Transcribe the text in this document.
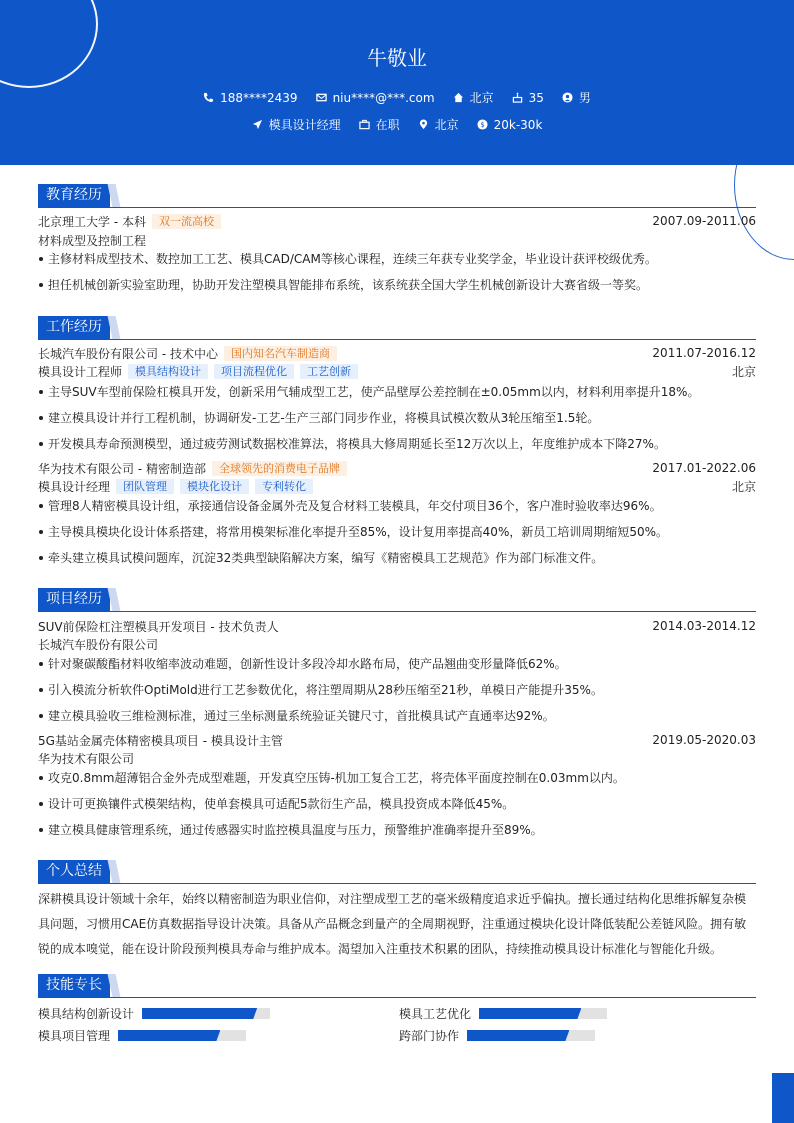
牛敬业
188****2439	niu****@***.com	北京	35	男
模具设计经理	在职	北京	$ 20k-30k
教育经历
北京理工大学 - 本科	双一流高校	2007.09-2011.06
材料成型及控制工程
主修材料成型技术、数控加工工艺、模具CAD/CAM等核心课程，连续三年获专业奖学金，毕业设计获评校级优秀。
担任机械创新实验室助理，协助开发注塑模具智能排布系统，该系统获全国大学生机械创新设计大赛省级一等奖。
工作经历
长城汽车股份有限公司 - 技术中心	国内知名汽车制造商	2011.07-2016.12
模具设计工程师	模具结构设计	项目流程优化	工艺创新	北京
主导SUV车型前保险杠模具开发，创新采用气辅成型工艺，使产品壁厚公差控制在±0.05mm以内，材料利用率提升18%。
建立模具设计并行工程机制，协调研发-工艺-生产三部门同步作业，将模具试模次数从3轮压缩至1.5轮。
开发模具寿命预测模型，通过疲劳测试数据校准算法，将模具大修周期延长至12万次以上，年度维护成本下降27%。
华为技术有限公司 - 精密制造部	全球领先的消费电子品牌	2017.01-2022.06
模具设计经理	团队管理	模块化设计	专利转化	北京
管理8人精密模具设计组，承接通信设备金属外壳及复合材料工装模具，年交付项目36个，客户准时验收率达96%。
主导模具模块化设计体系搭建，将常用模架标准化率提升至85%，设计复用率提高40%，新员工培训周期缩短50%。
牵头建立模具试模问题库，沉淀32类典型缺陷解决方案，编写《精密模具工艺规范》作为部门标准文件。
项目经历
SUV前保险杠注塑模具开发项目 - 技术负责人	2014.03-2014.12
长城汽车股份有限公司
针对聚碳酸酯材料收缩率波动难题，创新性设计多段冷却水路布局，使产品翘曲变形量降低62%。
引入模流分析软件OptiMold进行工艺参数优化，将注塑周期从28秒压缩至21秒，单模日产能提升35%。
建立模具验收三维检测标准，通过三坐标测量系统验证关键尺寸，首批模具试产直通率达92%。
5G基站金属壳体精密模具项目 - 模具设计主管	2019.05-2020.03
华为技术有限公司
攻克0.8mm超薄铝合金外壳成型难题，开发真空压铸-机加工复合工艺，将壳体平面度控制在0.03mm以内。
设计可更换镶件式模架结构，使单套模具可适配5款衍生产品，模具投资成本降低45%。
建立模具健康管理系统，通过传感器实时监控模具温度与压力，预警维护准确率提升至89%。
个人总结
深耕模具设计领域十余年，始终以精密制造为职业信仰，对注塑成型工艺的毫米级精度追求近乎偏执。擅长通过结构化思维拆解复杂模具问题，习惯用CAE仿真数据指导设计决策。具备从产品概念到量产的全周期视野，注重通过模块化设计降低装配公差链风险。拥有敏锐的成本嗅觉，能在设计阶段预判模具寿命与维护成本。渴望加入注重技术积累的团队，持续推动模具设计标准化与智能化升级。
技能专长
模具结构创新设计	模具工艺优化
模具项目管理	跨部门协作
